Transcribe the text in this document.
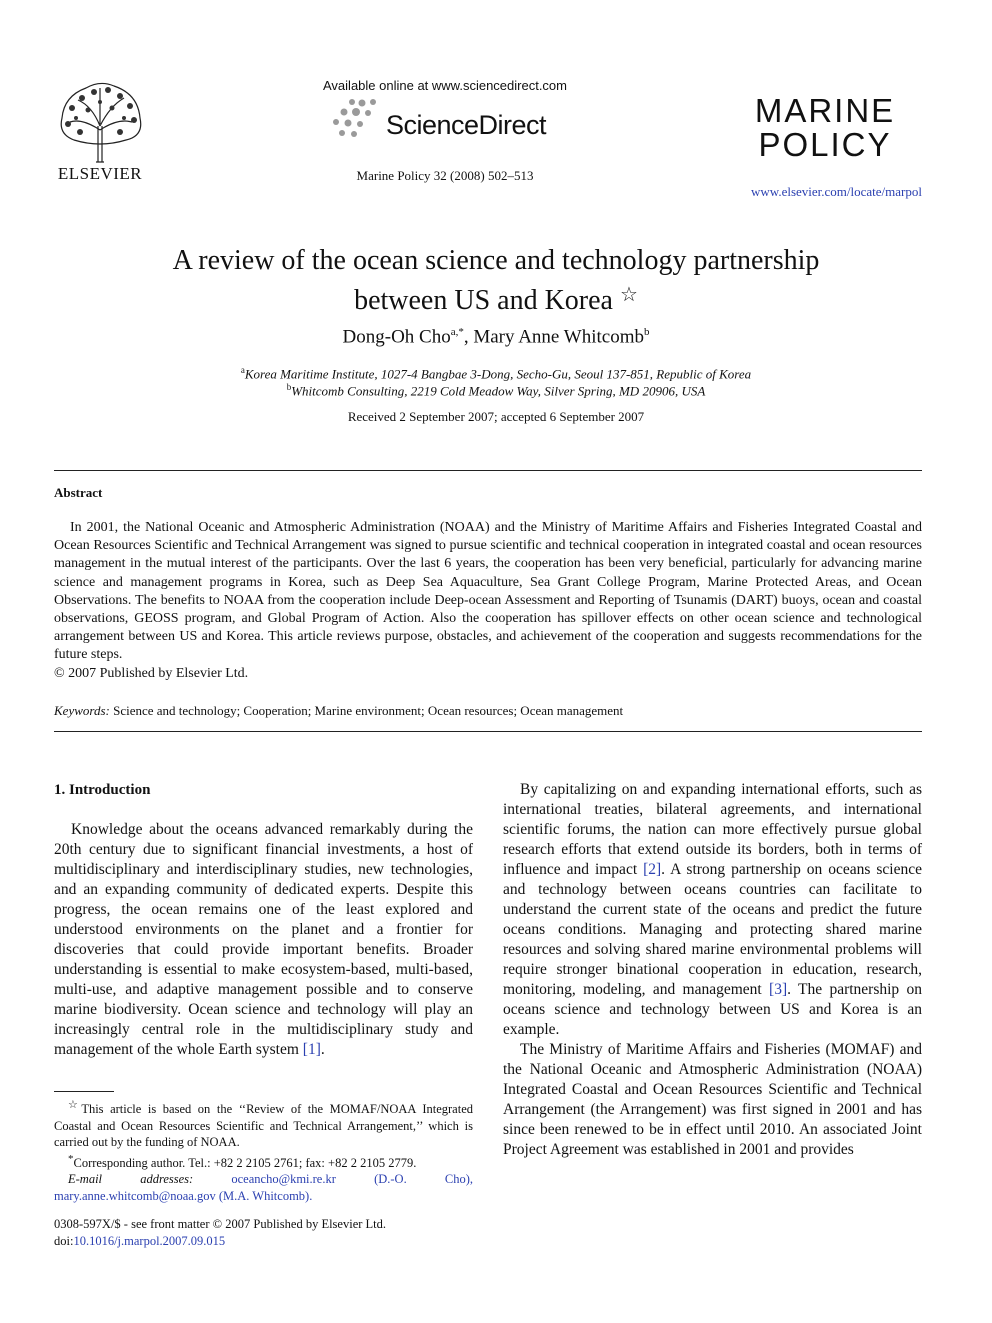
ELSEVIER
Available online at www.sciencedirect.com
ScienceDirect
Marine Policy 32 (2008) 502–513
MARINE
POLICY
www.elsevier.com/locate/marpol
A review of the ocean science and technology partnership
between US and Korea ☆
Dong-Oh Cho$^{a,*}$, Mary Anne Whitcomb$^b$
$^a$Korea Maritime Institute, 1027-4 Bangbae 3-Dong, Secho-Gu, Seoul 137-851, Republic of Korea
$^b$Whitcomb Consulting, 2219 Cold Meadow Way, Silver Spring, MD 20906, USA
Received 2 September 2007; accepted 6 September 2007
Abstract
In 2001, the National Oceanic and Atmospheric Administration (NOAA) and the Ministry of Maritime Affairs and Fisheries Integrated Coastal and Ocean Resources Scientific and Technical Arrangement was signed to pursue scientific and technical cooperation in integrated coastal and ocean resources management in the mutual interest of the participants. Over the last 6 years, the cooperation has been very beneficial, particularly for advancing marine science and management programs in Korea, such as Deep Sea Aquaculture, Sea Grant College Program, Marine Protected Areas, and Ocean Observations. The benefits to NOAA from the cooperation include Deep-ocean Assessment and Reporting of Tsunamis (DART) buoys, ocean and coastal observations, GEOSS program, and Global Program of Action. Also the cooperation has spillover effects on other ocean science and technological arrangement between US and Korea. This article reviews purpose, obstacles, and achievement of the cooperation and suggests recommendations for the future steps.
© 2007 Published by Elsevier Ltd.
Keywords: Science and technology; Cooperation; Marine environment; Ocean resources; Ocean management
1. Introduction

Knowledge about the oceans advanced remarkably during the 20th century due to significant financial investments, a host of multidisciplinary and interdisciplinary studies, new technologies, and an expanding community of dedicated experts. Despite this progress, the ocean remains one of the least explored and understood environments on the planet and a frontier for discoveries that could provide important benefits. Broader understanding is essential to make ecosystem-based, multi-based, multi-use, and adaptive management possible and to conserve marine biodiversity. Ocean science and technology will play an increasingly central role in the multidisciplinary study and management of the whole Earth system [1].

☆This article is based on the ‘‘Review of the MOMAF/NOAA Integrated Coastal and Ocean Resources Scientific and Technical Arrangement,’’ which is carried out by the funding of NOAA.

*Corresponding author. Tel.: +82 2 2105 2761; fax: +82 2 2105 2779.

E-mail addresses:	oceancho@kmi.re.kr (D.-O. Cho), mary.anne.whitcomb@noaa.gov (M.A. Whitcomb).

0308-597X/$ - see front matter © 2007 Published by Elsevier Ltd.
doi:10.1016/j.marpol.2007.09.015

By capitalizing on and expanding international efforts, such as international treaties, bilateral agreements, and international scientific forums, the nation can more effectively pursue global research efforts that extend outside its borders, both in terms of influence and impact [2]. A strong partnership on oceans science and technology between oceans countries can facilitate to understand the current state of the oceans and predict the future oceans conditions. Managing and protecting shared marine resources and solving shared marine environmental problems will require stronger binational cooperation in education, research, monitoring, modeling, and management [3]. The partnership on oceans science and technology between US and Korea is an example.

The Ministry of Maritime Affairs and Fisheries (MOMAF) and the National Oceanic and Atmospheric Administration (NOAA) Integrated Coastal and Ocean Resources Scientific and Technical Arrangement (the Arrangement) was first signed in 2001 and has since been renewed to be in effect until 2010. An associated Joint Project Agreement was established in 2001 and provides
